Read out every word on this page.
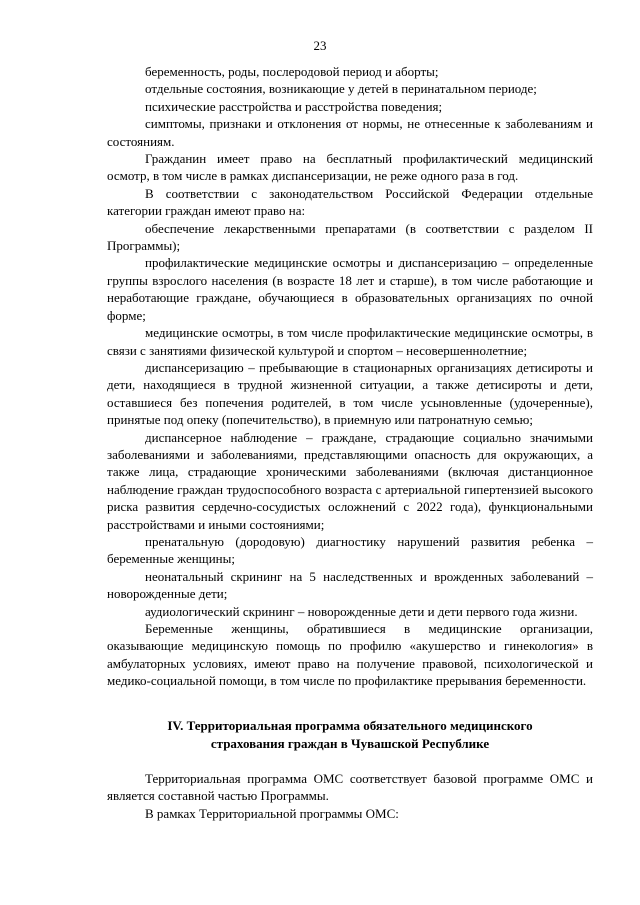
23

беременность, роды, послеродовой период и аборты;

отдельные состояния, возникающие у детей в перинатальном периоде;

психические расстройства и расстройства поведения;

симптомы, признаки и отклонения от нормы, не отнесенные к заболеваниям и состояниям.

Гражданин имеет право на бесплатный профилактический медицинский осмотр, в том числе в рамках диспансеризации, не реже одного раза в год.

В соответствии с законодательством Российской Федерации отдельные категории граждан имеют право на:

обеспечение лекарственными препаратами (в соответствии с разделом II Программы);

профилактические медицинские осмотры и диспансеризацию – определенные группы взрослого населения (в возрасте 18 лет и старше), в том числе работающие и неработающие граждане, обучающиеся в образовательных организациях по очной форме;

медицинские осмотры, в том числе профилактические медицинские осмотры, в связи с занятиями физической культурой и спортом – несовершеннолетние;

диспансеризацию – пребывающие в стационарных организациях детисироты и дети, находящиеся в трудной жизненной ситуации, а также детисироты и дети, оставшиеся без попечения родителей, в том числе усыновленные (удочеренные), принятые под опеку (попечительство), в приемную или патронатную семью;

диспансерное наблюдение – граждане, страдающие социально значимыми заболеваниями и заболеваниями, представляющими опасность для окружающих, а также лица, страдающие хроническими заболеваниями (включая дистанционное наблюдение граждан трудоспособного возраста с артериальной гипертензией высокого риска развития сердечно-сосудистых осложнений с 2022 года), функциональными расстройствами и иными состояниями;

пренатальную (дородовую) диагностику нарушений развития ребенка – беременные женщины;

неонатальный скрининг на 5 наследственных и врожденных заболеваний – новорожденные дети;

аудиологический скрининг – новорожденные дети и дети первого года жизни.

Беременные женщины, обратившиеся в медицинские организации, оказывающие медицинскую помощь по профилю «акушерство и гинекология» в амбулаторных условиях, имеют право на получение правовой, психологической и медико-социальной помощи, в том числе по профилактике прерывания беременности.

IV. Территориальная программа обязательного медицинского
страхования граждан в Чувашской Республике

Территориальная программа ОМС соответствует базовой программе ОМС и является составной частью Программы.

В рамках Территориальной программы ОМС:
